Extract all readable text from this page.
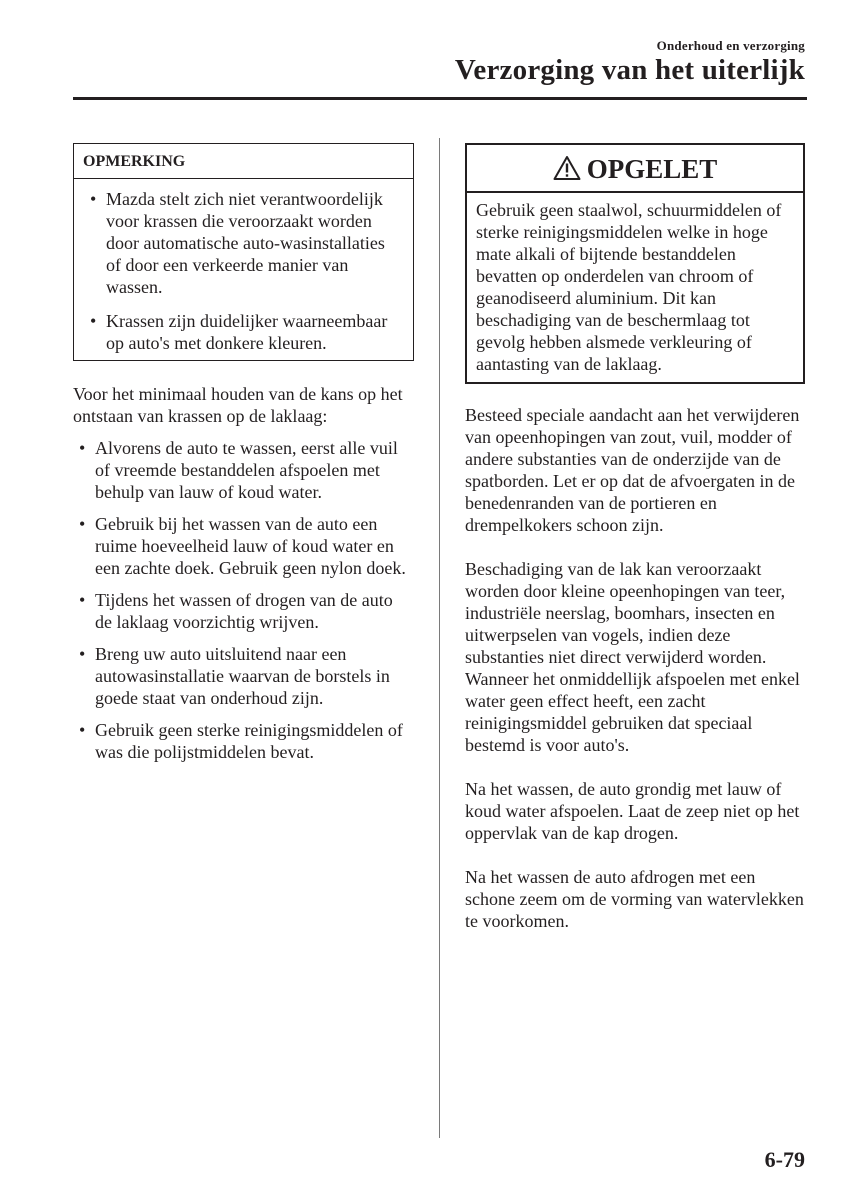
Onderhoud en verzorging
Verzorging van het uiterlijk
OPMERKING
• Mazda stelt zich niet verantwoordelijk voor krassen die veroorzaakt worden door automatische auto-wasinstallaties of door een verkeerde manier van wassen.
• Krassen zijn duidelijker waarneembaar op auto's met donkere kleuren.

Voor het minimaal houden van de kans op het ontstaan van krassen op de laklaag:

• Alvorens de auto te wassen, eerst alle vuil of vreemde bestanddelen afspoelen met behulp van lauw of koud water.
• Gebruik bij het wassen van de auto een ruime hoeveelheid lauw of koud water en een zachte doek. Gebruik geen nylon doek.
• Tijdens het wassen of drogen van de auto de laklaag voorzichtig wrijven.
• Breng uw auto uitsluitend naar een autowasinstallatie waarvan de borstels in goede staat van onderhoud zijn.
• Gebruik geen sterke reinigingsmiddelen of was die polijstmiddelen bevat.
OPGELET
Gebruik geen staalwol, schuurmiddelen of sterke reinigingsmiddelen welke in hoge mate alkali of bijtende bestanddelen bevatten op onderdelen van chroom of geanodiseerd aluminium. Dit kan beschadiging van de beschermlaag tot gevolg hebben alsmede verkleuring of aantasting van de laklaag.

Besteed speciale aandacht aan het verwijderen van opeenhopingen van zout, vuil, modder of andere substanties van de onderzijde van de spatborden. Let er op dat de afvoergaten in de benedenranden van de portieren en drempelkokers schoon zijn.

Beschadiging van de lak kan veroorzaakt worden door kleine opeenhopingen van teer, industriële neerslag, boomhars, insecten en uitwerpselen van vogels, indien deze substanties niet direct verwijderd worden. Wanneer het onmiddellijk afspoelen met enkel water geen effect heeft, een zacht reinigingsmiddel gebruiken dat speciaal bestemd is voor auto's.

Na het wassen, de auto grondig met lauw of koud water afspoelen. Laat de zeep niet op het oppervlak van de kap drogen.

Na het wassen de auto afdrogen met een schone zeem om de vorming van watervlekken te voorkomen.

6-79
